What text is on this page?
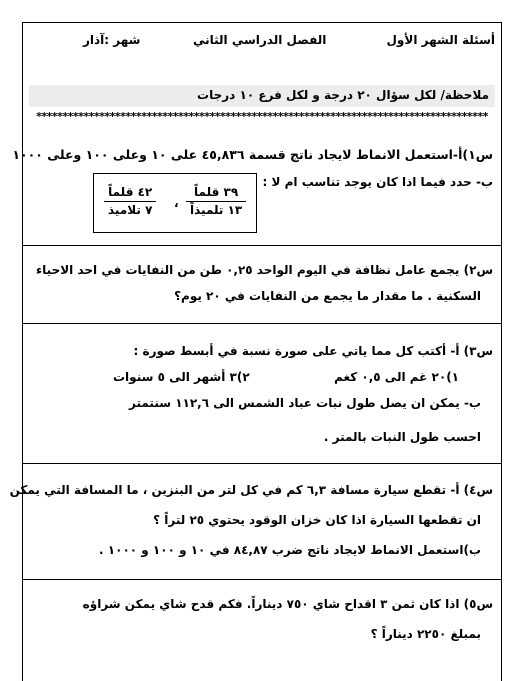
أسئلة الشهر الأول
الفصل الدراسي الثاني
شهر :آذار
ملاحظة/ لكل سؤال ٢٠ درجة و لكل فرع ١٠ درجات
**************************************************************************************
س١)أ-استعمل الانماط لايجاد ناتج قسمة ٤٥,٨٣٦ على ١٠ وعلى ١٠٠ وعلى ١٠٠٠
ب- حدد فيما اذا كان يوجد تناسب ام لا :
٤٢ قلماً
٧ تلاميذ	،
٣٩ قلماً
١٣ تلميذاً
س٢) يجمع عامل نظافة في اليوم الواحد ٠,٢٥ طن من النفايات في احد الاحياء
السكنية . ما مقدار ما يجمع من النفايات في ٢٠ يوم؟
س٣) أ- أكتب كل مما ياتي على صورة نسبة في أبسط صورة :
١)٢٠ غم الى ٠,٥ كغم
٢)٣ أشهر الى ٥ سنوات
ب- يمكن ان يصل طول نبات عباد الشمس الى ١١٢,٦ سنتمتر
احسب طول النبات بالمتر .
س٤) أ- تقطع سيارة مسافة ٦,٣ كم في كل لتر من البنزين ، ما المسافة التي يمكن
ان تقطعها السيارة اذا كان خزان الوقود يحتوي ٢٥ لتراً ؟
ب)استعمل الانماط لايجاد ناتج ضرب ٨٤,٨٧ في ١٠ و ١٠٠ و ١٠٠٠ .
س٥) اذا كان ثمن ٣ اقداح شاي ٧٥٠ ديناراً. فكم قدح شاي يمكن شراؤه
بمبلغ ٢٢٥٠ ديناراً ؟
